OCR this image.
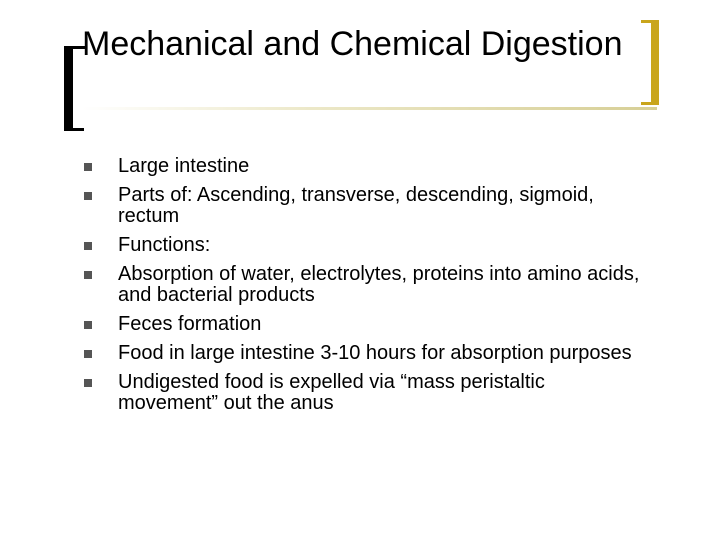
Mechanical and Chemical Digestion
Large intestine
Parts of: Ascending, transverse, descending, sigmoid, rectum
Functions:
Absorption of water, electrolytes, proteins into amino acids, and bacterial products
Feces formation
Food in large intestine 3-10 hours for absorption purposes
Undigested food is expelled via “mass peristaltic movement” out the anus
